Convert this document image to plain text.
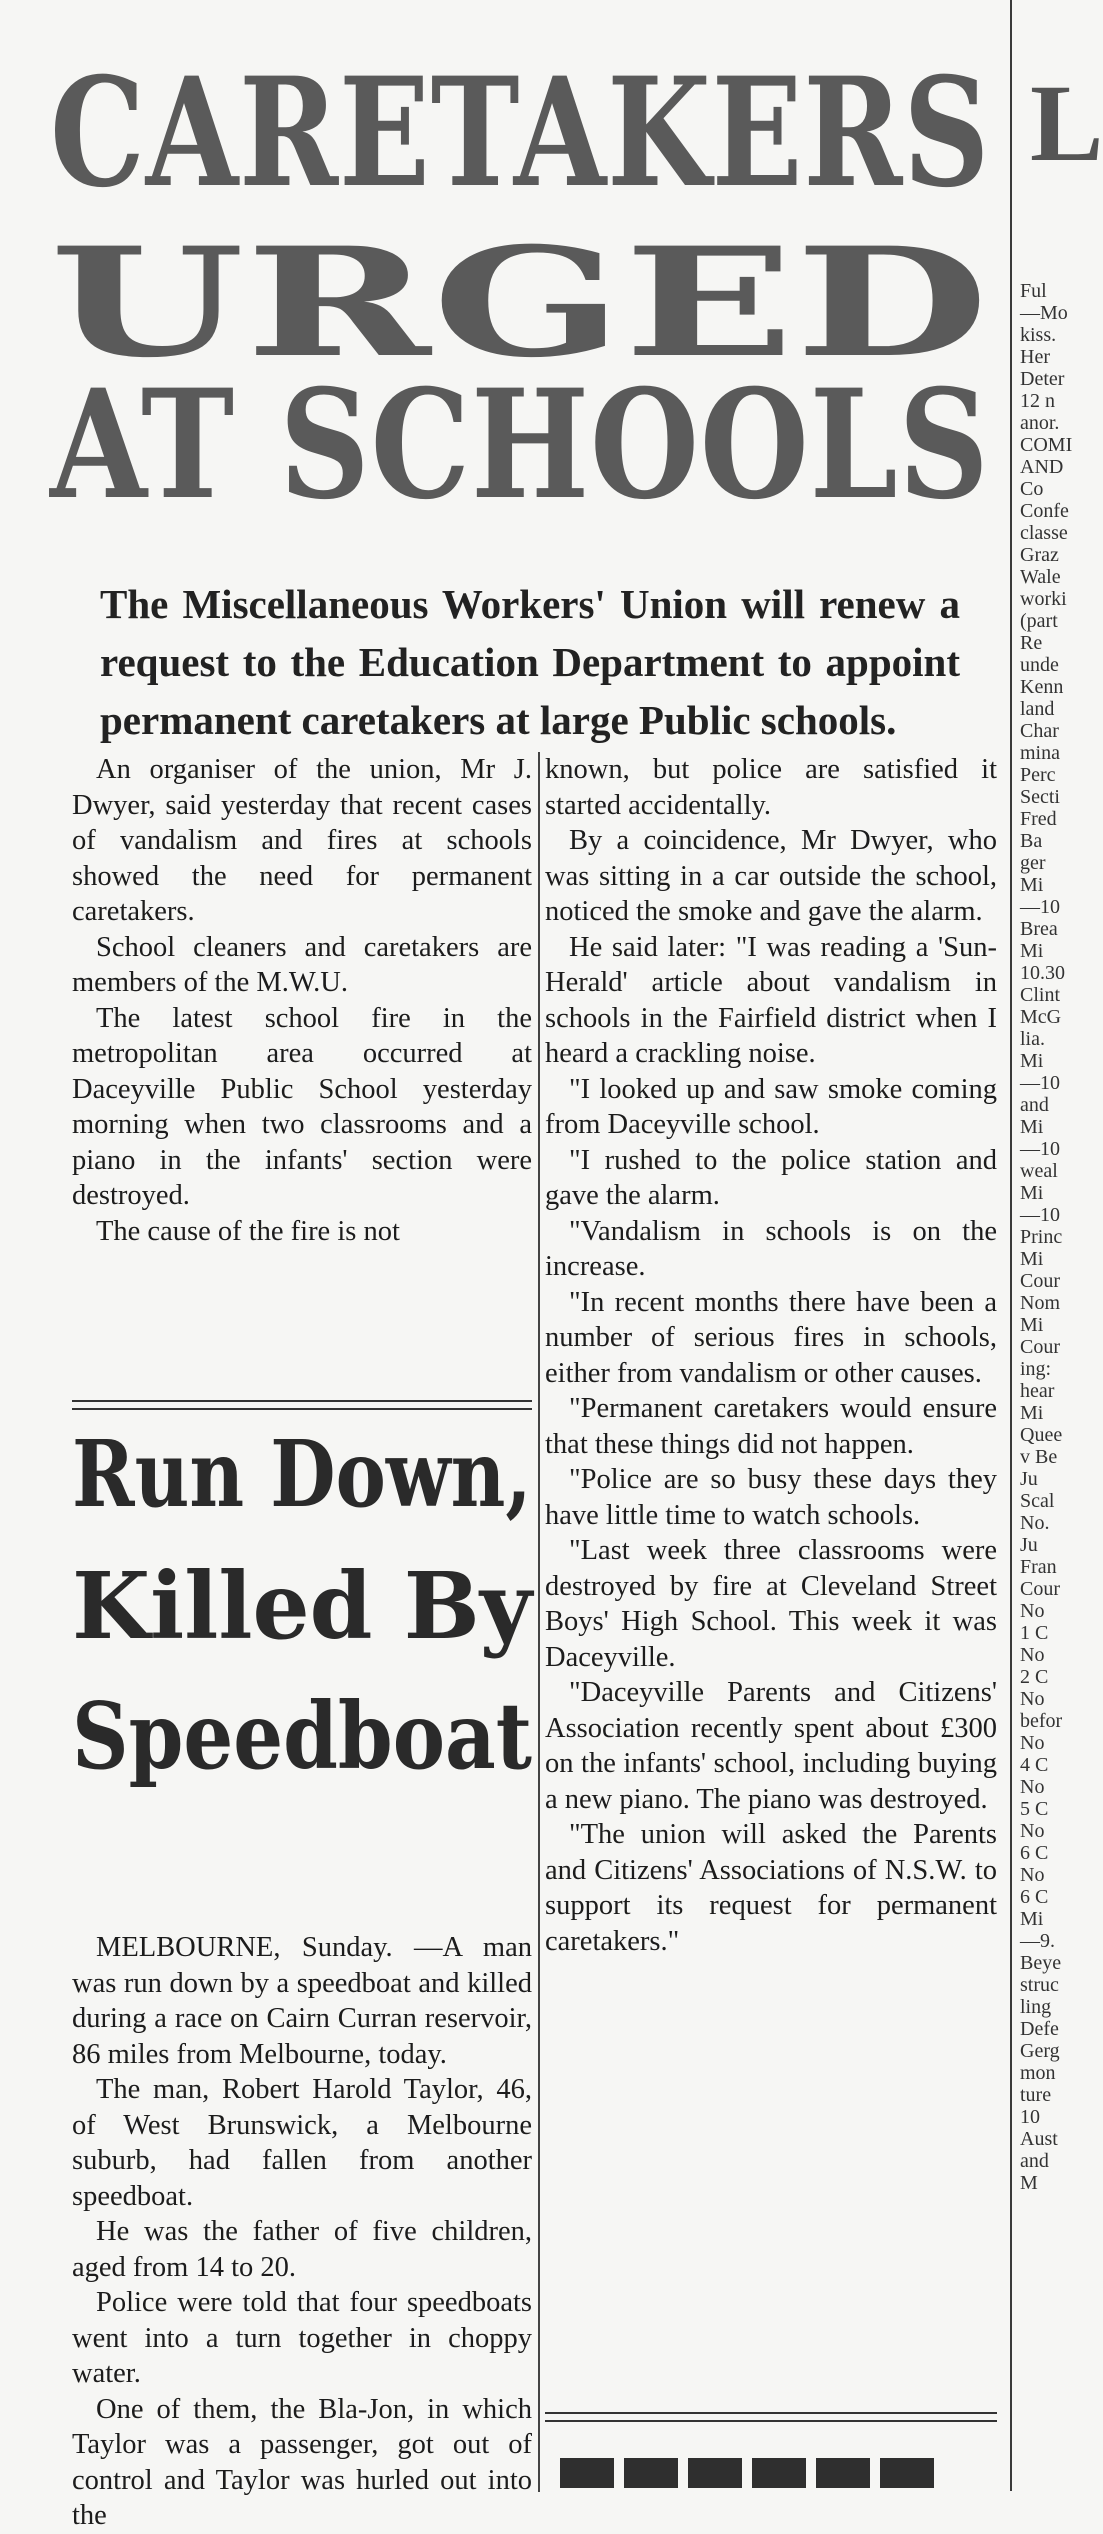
CARETAKERS
URGED
AT SCHOOLS
The Miscellaneous Workers' Union will renew a request to the Education Department to appoint permanent caretakers at large Public schools.

An organiser of the union, Mr J. Dwyer, said yesterday that recent cases of vandalism and fires at schools showed the need for permanent caretakers.

School cleaners and caretakers are members of the M.W.U.

The latest school fire in the metropolitan area occurred at Daceyville Public School yesterday morning when two classrooms and a piano in the infants' section were destroyed.

The cause of the fire is not

known, but police are satisfied it started accidentally.

By a coincidence, Mr Dwyer, who was sitting in a car outside the school, noticed the smoke and gave the alarm.

He said later: "I was reading a 'Sun-Herald' article about vandalism in schools in the Fairfield district when I heard a crackling noise.

"I looked up and saw smoke coming from Daceyville school.

"I rushed to the police station and gave the alarm.

"Vandalism in schools is on the increase.

"In recent months there have been a number of serious fires in schools, either from vandalism or other causes.

"Permanent caretakers would ensure that these things did not happen.

"Police are so busy these days they have little time to watch schools.

"Last week three classrooms were destroyed by fire at Cleveland Street Boys' High School. This week it was Daceyville.

"Daceyville Parents and Citizens' Association recently spent about £300 on the infants' school, including buying a new piano. The piano was destroyed.

"The union will asked the Parents and Citizens' Associations of N.S.W. to support its request for permanent caretakers."

Run Down,
Killed By
Speedboat

MELBOURNE, Sunday. —A man was run down by a speedboat and killed during a race on Cairn Curran reservoir, 86 miles from Melbourne, today.

The man, Robert Harold Taylor, 46, of West Brunswick, a Melbourne suburb, had fallen from another speedboat.

He was the father of five children, aged from 14 to 20.

Police were told that four speedboats went into a turn together in choppy water.

One of them, the Bla-Jon, in which Taylor was a passenger, got out of control and Taylor was hurled out into the

L
Ful
—Mo
kiss.
Her
Deter
12 n
anor.
COMI
AND
Co
Confe
classe
Graz
Wale
worki
(part
Re
unde
Kenn
land
Char
mina
Perc
Secti
Fred
Ba
ger
Mi
—10
Brea
Mi
10.30
Clint
McG
lia.
Mi
—10
and
Mi
—10
weal
Mi
—10
Princ
Mi
Cour
Nom
Mi
Cour
ing:
hear
Mi
Quee
v Be
Ju
Scal
No.
Ju
Fran
Cour
No
1 C
No
2 C
No
befor
No
4 C
No
5 C
No
6 C
No
6 C
Mi
—9.
Beye
struc
ling
Defe
Gerg
mon
ture
10
Aust
and
M
